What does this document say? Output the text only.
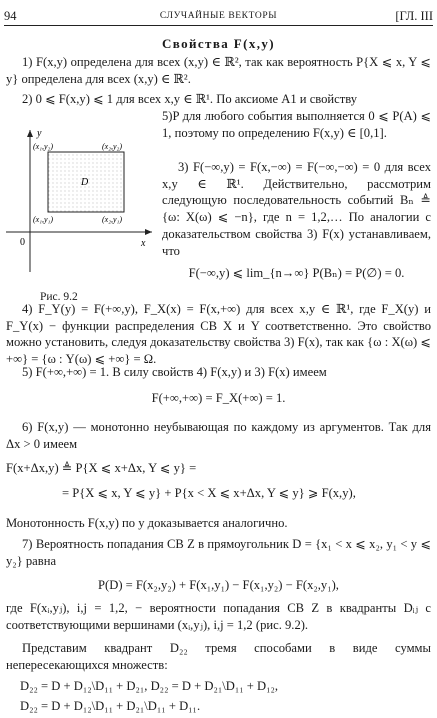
94	СЛУЧАЙНЫЕ ВЕКТОРЫ	[ГЛ. III
Свойства F(x,y)
1) F(x,y) определена для всех (x,y) ∈ ℝ², так как вероятность P{X ⩽ x, Y ⩽ y} определена для всех (x,y) ∈ ℝ².
2) 0 ⩽ F(x,y) ⩽ 1 для всех x,y ∈ ℝ¹. По аксиоме A1 и свойству
y
x
0
D
(x₁,y₂)	(x₂,y₂)
(x₁,y₁)	(x₂,y₁)
Рис. 9.2
5)P для любого события выполняется 0 ⩽ P(A) ⩽ 1, поэтому по определению F(x,y) ∈ [0,1].
3) F(−∞,y) = F(x,−∞) = F(−∞,−∞) = 0 для всех x,y ∈ ℝ¹. Действительно, рассмотрим следующую последовательность событий Bₙ ≜ {ω: X(ω) ⩽ −n}, где n = 1,2,… По аналогии с доказательством свойства 3) F(x) устанавливаем, что
F(−∞,y) ⩽ lim_{n→∞} P(Bₙ) = P(∅) = 0.
4) F_Y(y) = F(+∞,y), F_X(x) = F(x,+∞) для всех x,y ∈ ℝ¹, где F_X(y) и F_Y(x) − функции распределения СВ X и Y соответственно. Это свойство можно установить, следуя доказательству свойства 3) F(x), так как {ω : X(ω) ⩽ +∞} = {ω : Y(ω) ⩽ +∞} = Ω.
5) F(+∞,+∞) = 1. В силу свойств 4) F(x,y) и 3) F(x) имеем
F(+∞,+∞) = F_X(+∞) = 1.
6) F(x,y) — монотонно неубывающая по каждому из аргументов. Так для Δx > 0 имеем
F(x+Δx,y) ≜ P{X ⩽ x+Δx, Y ⩽ y} =
= P{X ⩽ x, Y ⩽ y} + P{x < X ⩽ x+Δx, Y ⩽ y} ⩾ F(x,y),
Монотонность F(x,y) по y доказывается аналогично.
7) Вероятность попадания СВ Z в прямоугольник D = {x₁ < x ⩽ x₂, y₁ < y ⩽ y₂} равна
P(D) = F(x₂,y₂) + F(x₁,y₁) − F(x₁,y₂) − F(x₂,y₁),
где F(xᵢ,yⱼ), i,j = 1,2, − вероятности попадания СВ Z в квадранты Dᵢⱼ с соответствующими вершинами (xᵢ,yⱼ), i,j = 1,2 (рис. 9.2).
Представим квадрант D₂₂ тремя способами в виде суммы непересекающихся множеств:
D₂₂ = D + D₁₂\D₁₁ + D₂₁, D₂₂ = D + D₂₁\D₁₁ + D₁₂,
D₂₂ = D + D₁₂\D₁₁ + D₂₁\D₁₁ + D₁₁.
